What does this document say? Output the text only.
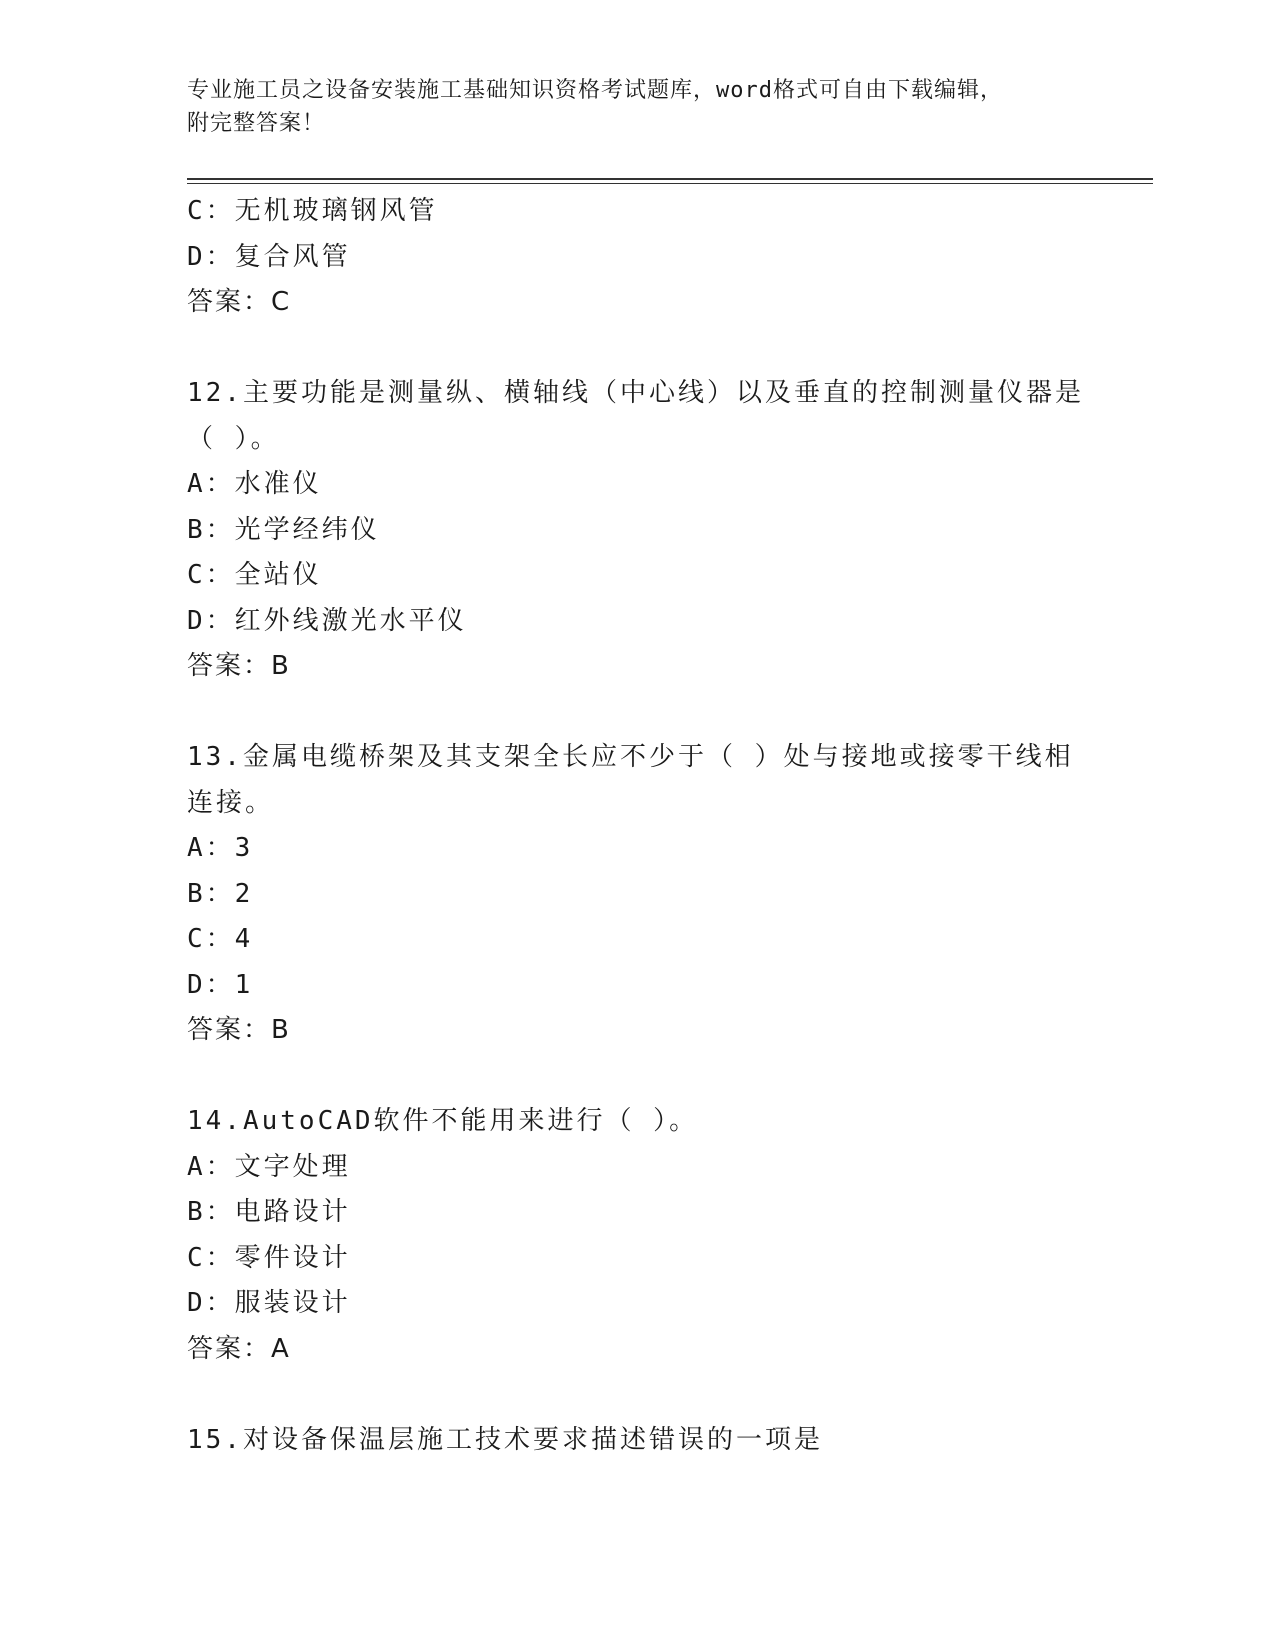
专业施工员之设备安装施工基础知识资格考试题库，word格式可自由下载编辑，
附完整答案！
C：无机玻璃钢风管
D：复合风管
答案：C
12.主要功能是测量纵、横轴线（中心线）以及垂直的控制测量仪器是
（ ）。
A：水准仪
B：光学经纬仪
C：全站仪
D：红外线激光水平仪
答案：B
13.金属电缆桥架及其支架全长应不少于（ ）处与接地或接零干线相
连接。
A：3
B：2
C：4
D：1
答案：B
14.AutoCAD软件不能用来进行（ ）。
A：文字处理
B：电路设计
C：零件设计
D：服装设计
答案：A
15.对设备保温层施工技术要求描述错误的一项是
